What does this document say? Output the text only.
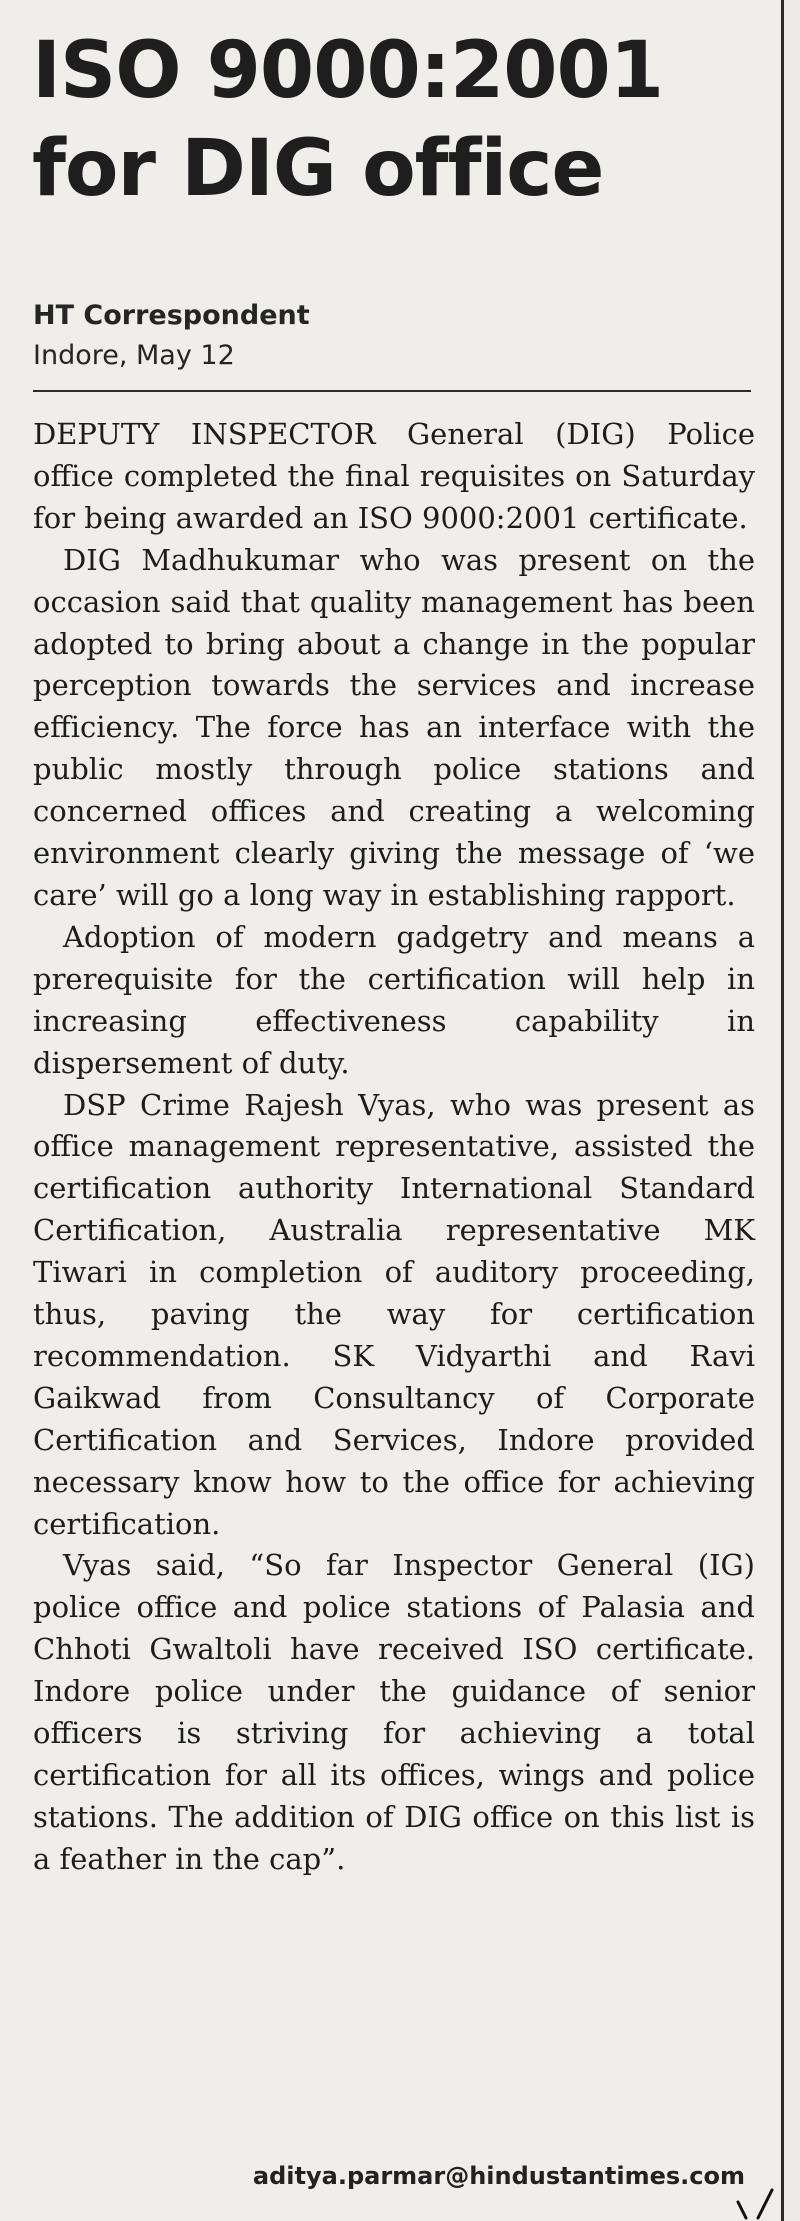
ISO 9000:2001
for DIG office
HT Correspondent
Indore, May 12

DEPUTY INSPECTOR General (DIG) Police office completed the final requisites on Saturday for being awarded an ISO 9000:2001 certificate.

DIG Madhukumar who was present on the occasion said that quality management has been adopted to bring about a change in the popular perception towards the services and increase efficiency. The force has an interface with the public mostly through police stations and concerned offices and creating a welcoming environment clearly giving the message of ‘we care’ will go a long way in establishing rapport.

Adoption of modern gadgetry and means a prerequisite for the certification will help in increasing effectiveness capability in dispersement of duty.

DSP Crime Rajesh Vyas, who was present as office management representative, assisted the certification authority International Standard Certification, Australia representative MK Tiwari in completion of auditory proceeding, thus, paving the way for certification recommendation. SK Vidyarthi and Ravi Gaikwad from Consultancy of Corporate Certification and Services, Indore provided necessary know how to the office for achieving certification.

Vyas said, “So far Inspector General (IG) police office and police stations of Palasia and Chhoti Gwaltoli have received ISO certificate. Indore police under the guidance of senior officers is striving for achieving a total certification for all its offices, wings and police stations. The addition of DIG office on this list is a feather in the cap”.

aditya.parmar@hindustantimes.com
